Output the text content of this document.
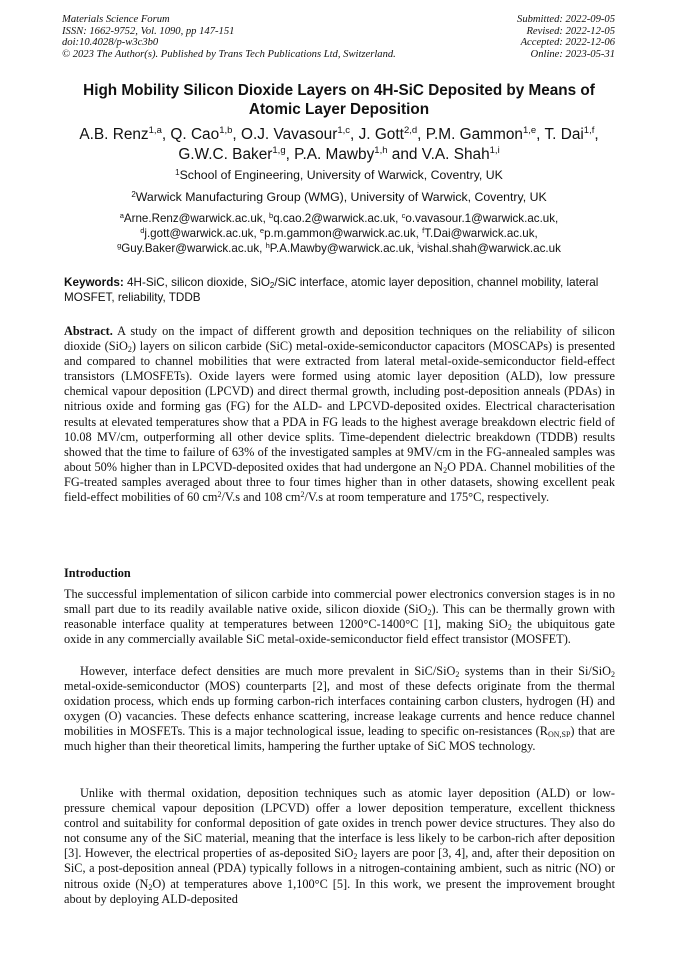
Materials Science Forum
ISSN: 1662-9752, Vol. 1090, pp 147-151
doi:10.4028/p-w3c3b0
© 2023 The Author(s). Published by Trans Tech Publications Ltd, Switzerland.
Submitted: 2022-09-05
Revised: 2022-12-05
Accepted: 2022-12-06
Online: 2023-05-31
High Mobility Silicon Dioxide Layers on 4H-SiC Deposited by Means of
Atomic Layer Deposition
A.B. Renz$^{1,a}$, Q. Cao$^{1,b}$, O.J. Vavasour$^{1,c}$, J. Gott$^{2,d}$, P.M. Gammon$^{1,e}$, T. Dai$^{1,f}$,
G.W.C. Baker$^{1,g}$, P.A. Mawby$^{1,h}$ and V.A. Shah$^{1,i}$
$^1$School of Engineering, University of Warwick, Coventry, UK
$^2$Warwick Manufacturing Group (WMG), University of Warwick, Coventry, UK
$^a$Arne.Renz@warwick.ac.uk, $^b$q.cao.2@warwick.ac.uk, $^c$o.vavasour.1@warwick.ac.uk,
$^d$j.gott@warwick.ac.uk, $^e$p.m.gammon@warwick.ac.uk, $^f$T.Dai@warwick.ac.uk,
$^g$Guy.Baker@warwick.ac.uk, $^h$P.A.Mawby@warwick.ac.uk, $^i$vishal.shah@warwick.ac.uk
Keywords: 4H-SiC, silicon dioxide, SiO$_2$/SiC interface, atomic layer deposition, channel mobility, lateral MOSFET, reliability, TDDB
Abstract. A study on the impact of different growth and deposition techniques on the reliability of silicon dioxide (SiO$_2$) layers on silicon carbide (SiC) metal-oxide-semiconductor capacitors (MOSCAPs) is presented and compared to channel mobilities that were extracted from lateral metal-oxide-semiconductor field-effect transistors (LMOSFETs). Oxide layers were formed using atomic layer deposition (ALD), low pressure chemical vapour deposition (LPCVD) and direct thermal growth, including post-deposition anneals (PDAs) in nitrious oxide and forming gas (FG) for the ALD- and LPCVD-deposited oxides. Electrical characterisation results at elevated temperatures show that a PDA in FG leads to the highest average breakdown electric field of 10.08 MV/cm, outperforming all other device splits. Time-dependent dielectric breakdown (TDDB) results showed that the time to failure of 63% of the investigated samples at 9MV/cm in the FG-annealed samples was about 50% higher than in LPCVD-deposited oxides that had undergone an $N_2O$ PDA. Channel mobilities of the FG-treated samples averaged about three to four times higher than in other datasets, showing excellent peak field-effect mobilities of 60 $cm^2/V.s$ and 108 $cm^2/V.s$ at room temperature and 175°C, respectively.
Introduction
The successful implementation of silicon carbide into commercial power electronics conversion stages is in no small part due to its readily available native oxide, silicon dioxide (SiO$_2$). This can be thermally grown with reasonable interface quality at temperatures between 1200°C-1400°C [1], making SiO$_2$ the ubiquitous gate oxide in any commercially available SiC metal-oxide-semiconductor field effect transistor (MOSFET).
However, interface defect densities are much more prevalent in SiC/SiO$_2$ systems than in their Si/SiO$_2$ metal-oxide-semiconductor (MOS) counterparts [2], and most of these defects originate from the thermal oxidation process, which ends up forming carbon-rich interfaces containing carbon clusters, hydrogen (H) and oxygen (O) vacancies. These defects enhance scattering, increase leakage currents and hence reduce channel mobilities in MOSFETs. This is a major technological issue, leading to specific on-resistances $(R_{ON,SP})$ that are much higher than their theoretical limits, hampering the further uptake of SiC MOS technology.
Unlike with thermal oxidation, deposition techniques such as atomic layer deposition (ALD) or low-pressure chemical vapour deposition (LPCVD) offer a lower deposition temperature, excellent thickness control and suitability for conformal deposition of gate oxides in trench power device structures. They also do not consume any of the SiC material, meaning that the interface is less likely to be carbon-rich after deposition [3]. However, the electrical properties of as-deposited SiO$_2$ layers are poor [3, 4], and, after their deposition on SiC, a post-deposition anneal (PDA) typically follows in a nitrogen-containing ambient, such as nitric (NO) or nitrous oxide $(N_2O)$ at temperatures above 1,100°C [5]. In this work, we present the improvement brought about by deploying ALD-deposited
